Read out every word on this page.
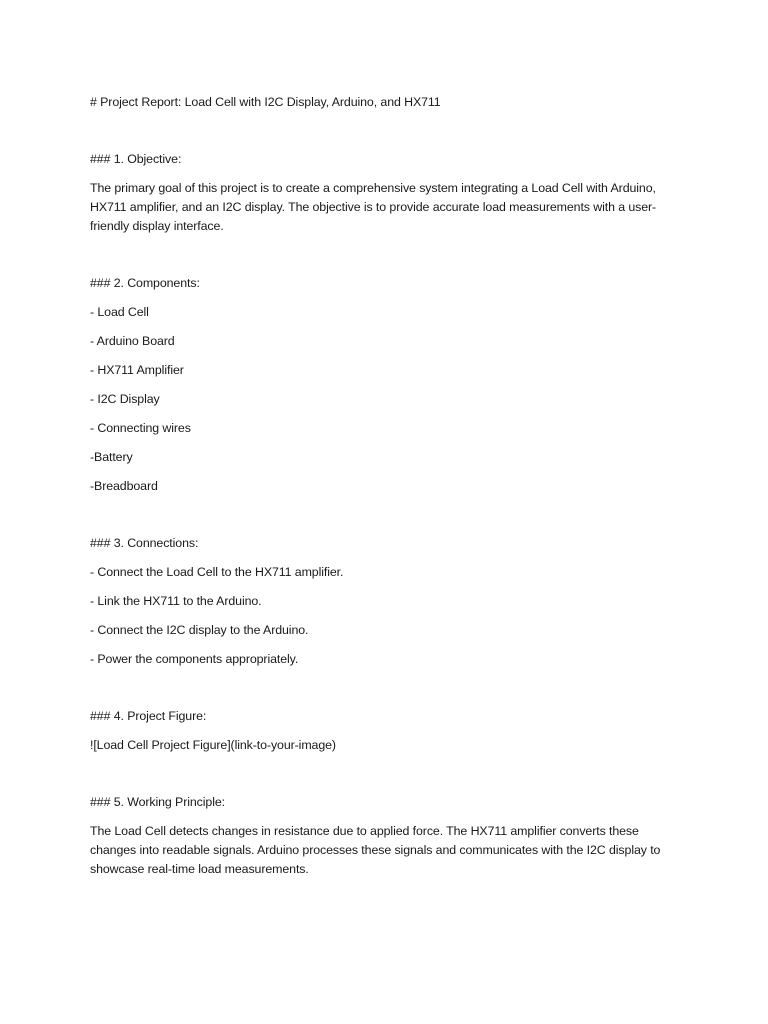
# Project Report: Load Cell with I2C Display, Arduino, and HX711

### 1. Objective:

The primary goal of this project is to create a comprehensive system integrating a Load Cell with Arduino, HX711 amplifier, and an I2C display. The objective is to provide accurate load measurements with a user-friendly display interface.

### 2. Components:

- Load Cell

- Arduino Board

- HX711 Amplifier

- I2C Display

- Connecting wires

-Battery

-Breadboard

### 3. Connections:

- Connect the Load Cell to the HX711 amplifier.

- Link the HX711 to the Arduino.

- Connect the I2C display to the Arduino.

- Power the components appropriately.

### 4. Project Figure:

![Load Cell Project Figure](link-to-your-image)

### 5. Working Principle:

The Load Cell detects changes in resistance due to applied force. The HX711 amplifier converts these changes into readable signals. Arduino processes these signals and communicates with the I2C display to showcase real-time load measurements.
